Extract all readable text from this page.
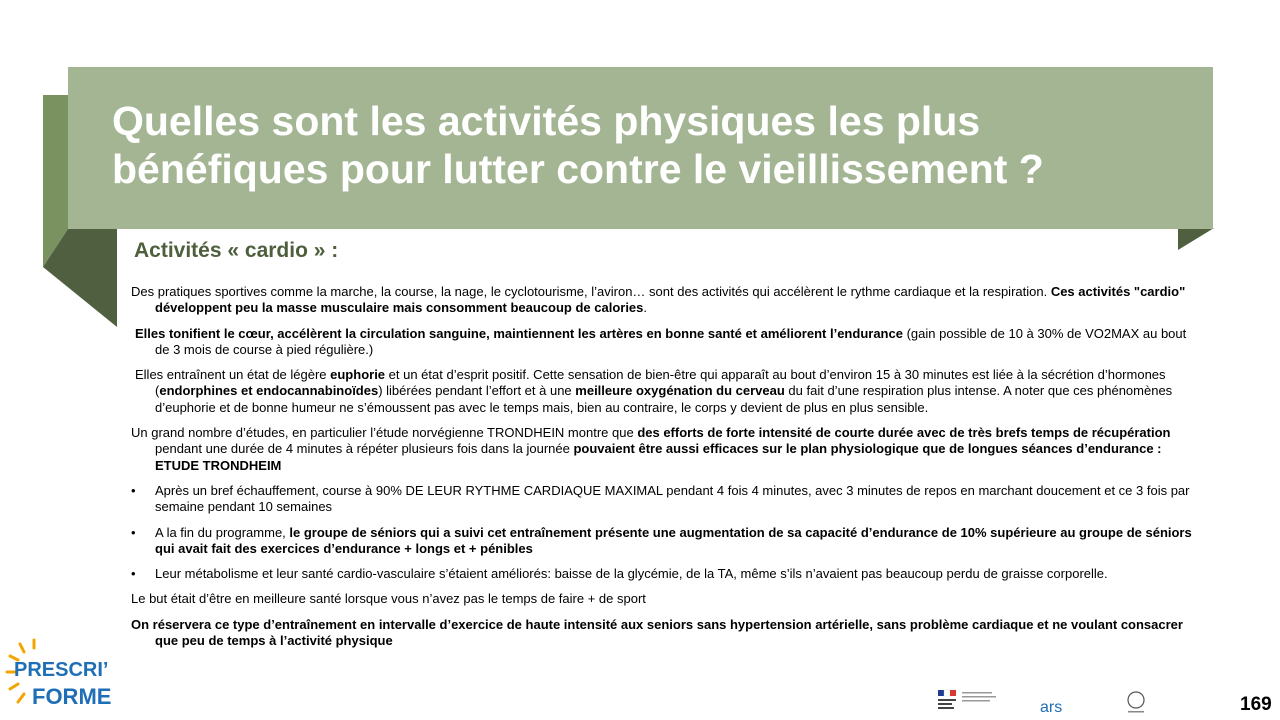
Quelles sont les activités physiques les plus bénéfiques pour lutter contre le vieillissement ?
Activités « cardio » :

Des pratiques sportives comme la marche, la course, la nage, le cyclotourisme, l’aviron… sont des activités qui accélèrent le rythme cardiaque et la respiration. Ces activités "cardio" développent peu la masse musculaire mais consomment beaucoup de calories.

Elles tonifient le cœur, accélèrent la circulation sanguine, maintiennent les artères en bonne santé et améliorent l’endurance (gain possible de 10 à 30% de VO2MAX au bout de 3 mois de course à pied régulière.)

Elles entraînent un état de légère euphorie et un état d’esprit positif. Cette sensation de bien-être qui apparaît au bout d’environ 15 à 30 minutes est liée à la sécrétion d’hormones (endorphines et endocannabinoïdes) libérées pendant l’effort et à une meilleure oxygénation du cerveau du fait d’une respiration plus intense. A noter que ces phénomènes d’euphorie et de bonne humeur ne s’émoussent pas avec le temps mais, bien au contraire, le corps y devient de plus en plus sensible.

Un grand nombre d’études, en particulier l’étude norvégienne TRONDHEIN montre que des efforts de forte intensité de courte durée avec de très brefs temps de récupération pendant une durée de 4 minutes à répéter plusieurs fois dans la journée pouvaient être aussi efficaces sur le plan physiologique que de longues séances d’endurance : ETUDE TRONDHEIM

• Après un bref échauffement, course à 90% DE LEUR RYTHME CARDIAQUE MAXIMAL pendant 4 fois 4 minutes, avec 3 minutes de repos en marchant doucement et ce 3 fois par semaine pendant 10 semaines
• A la fin du programme, le groupe de séniors qui a suivi cet entraînement présente une augmentation de sa capacité d’endurance de 10% supérieure au groupe de séniors qui avait fait des exercices d’endurance + longs et + pénibles
• Leur métabolisme et leur santé cardio-vasculaire s’étaient améliorés: baisse de la glycémie, de la TA, même s’ils n’avaient pas beaucoup perdu de graisse corporelle.

Le but était d’être en meilleure santé lorsque vous n’avez pas le temps de faire + de sport

On réservera ce type d’entraînement en intervalle d’exercice de haute intensité aux seniors sans hypertension artérielle, sans problème cardiaque et ne voulant consacrer que peu de temps à l’activité physique

PRESCRI’
FORME	ars	169
